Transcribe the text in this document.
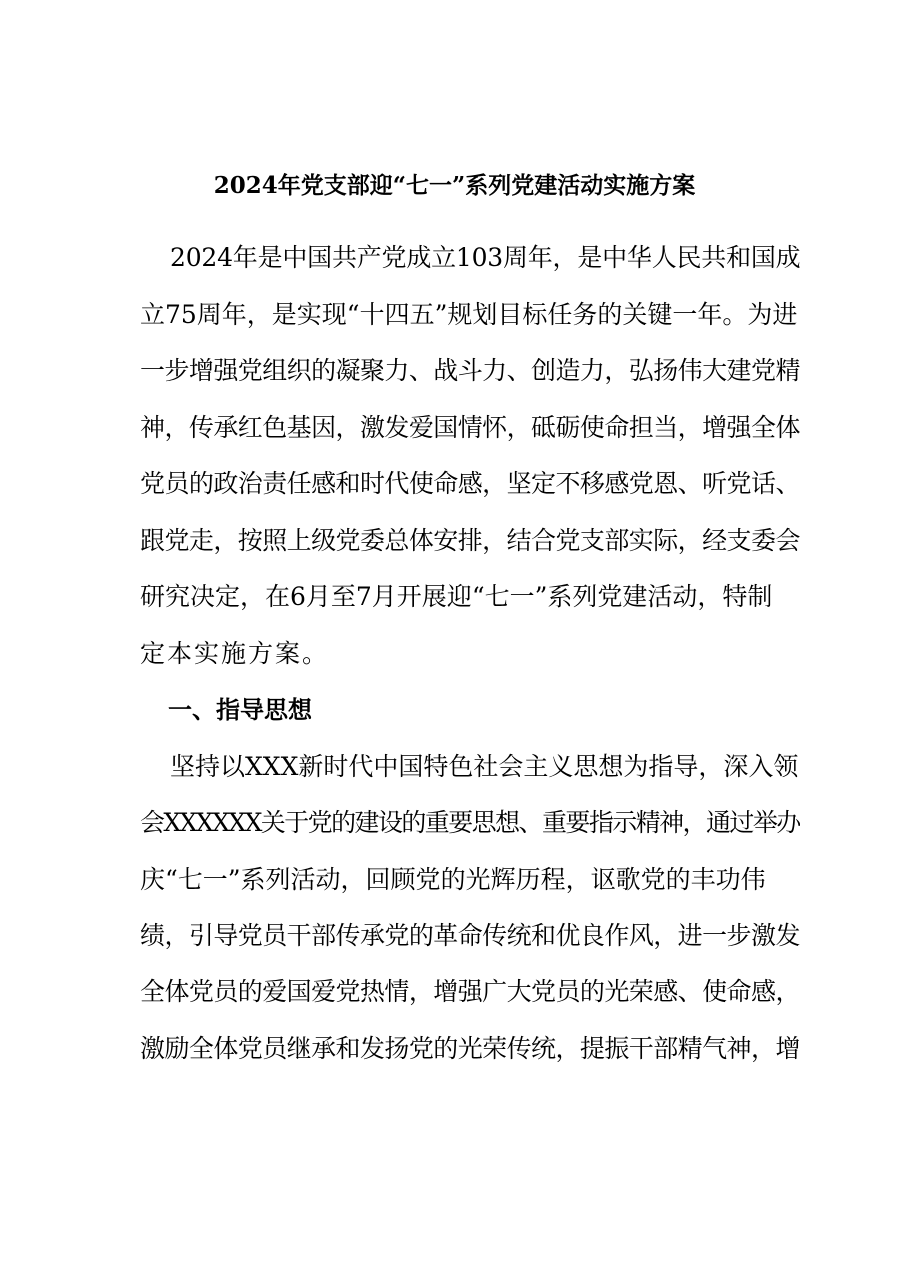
2024年党支部迎“七一”系列党建活动实施方案
2024年是中国共产党成立103周年，是中华人民共和国成
立75周年，是实现“十四五”规划目标任务的关键一年。为进
一步增强党组织的凝聚力、战斗力、创造力，弘扬伟大建党精
神，传承红色基因，激发爱国情怀，砥砺使命担当，增强全体
党员的政治责任感和时代使命感，坚定不移感党恩、听党话、
跟党走，按照上级党委总体安排，结合党支部实际，经支委会
研究决定，在6月至7月开展迎“七一”系列党建活动，特制
定本实施方案。
一、指导思想
坚持以XXX新时代中国特色社会主义思想为指导，深入领
会XXXXXX关于党的建设的重要思想、重要指示精神，通过举办
庆“七一”系列活动，回顾党的光辉历程，讴歌党的丰功伟
绩，引导党员干部传承党的革命传统和优良作风，进一步激发
全体党员的爱国爱党热情，增强广大党员的光荣感、使命感，
激励全体党员继承和发扬党的光荣传统，提振干部精气神，增
